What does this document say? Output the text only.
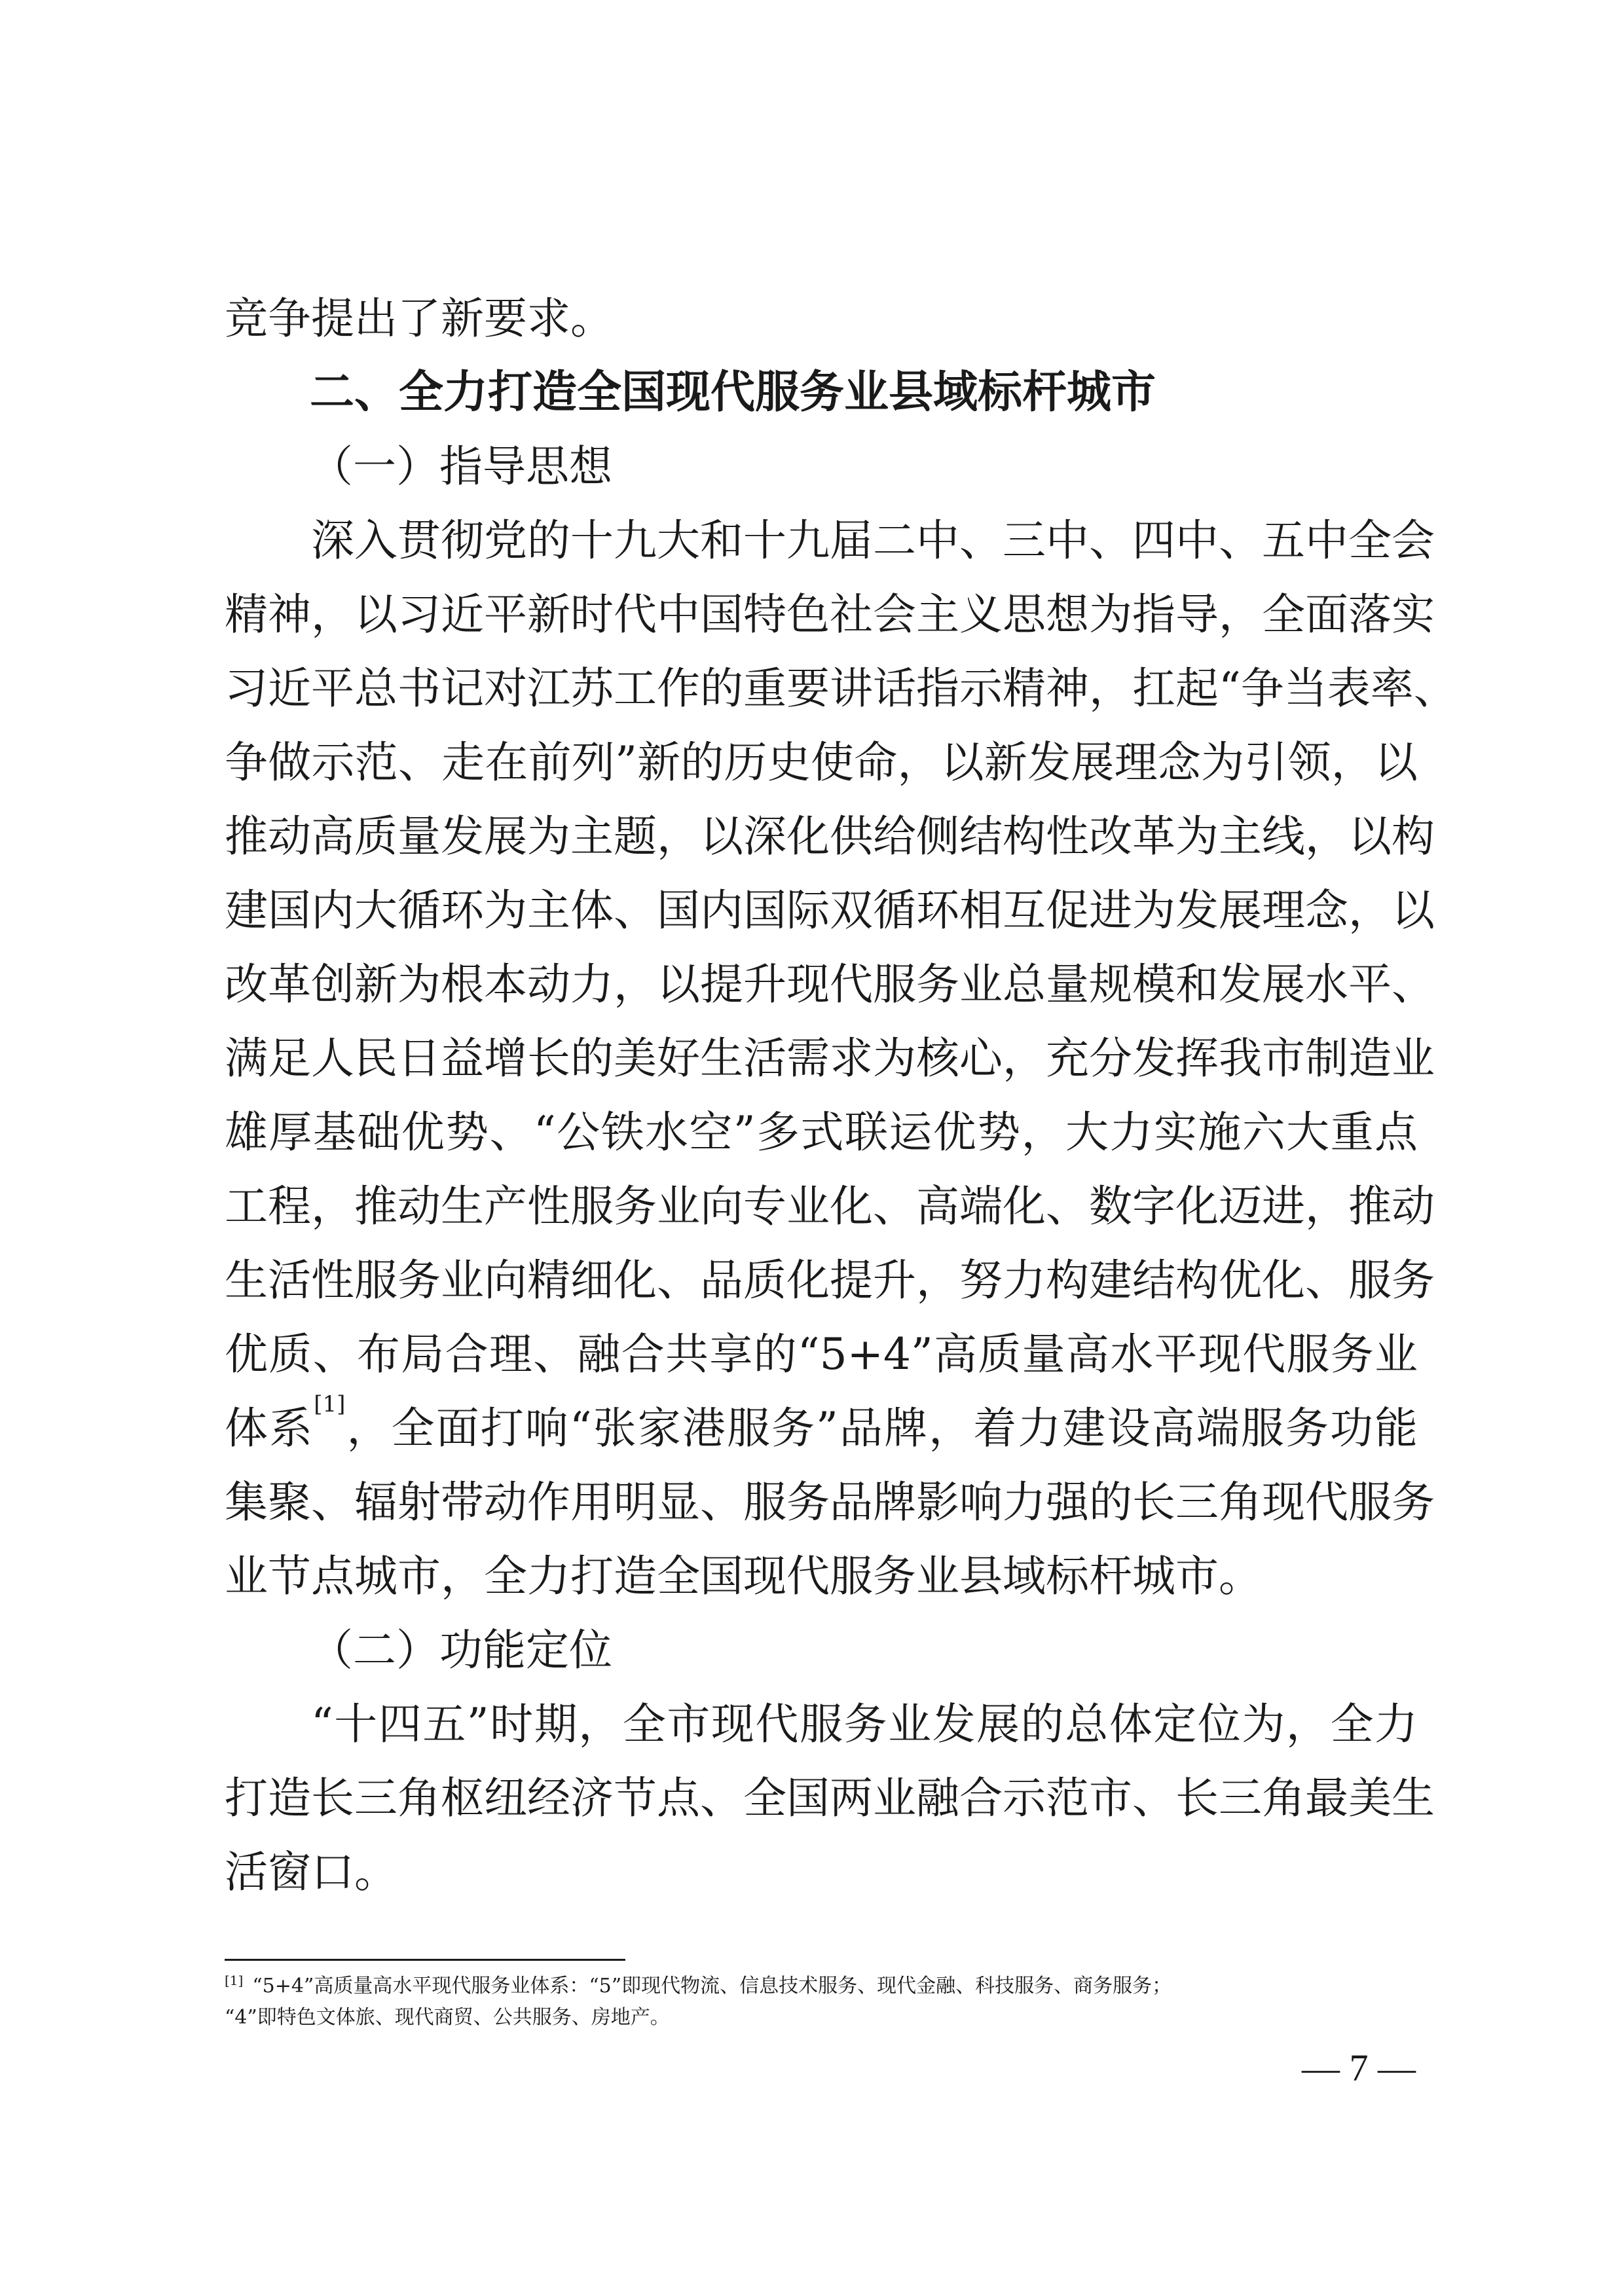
竞争提出了新要求。
二、全力打造全国现代服务业县域标杆城市
（一）指导思想
深入贯彻党的十九大和十九届二中、三中、四中、五中全会
精神，以习近平新时代中国特色社会主义思想为指导，全面落实
习近平总书记对江苏工作的重要讲话指示精神，扛起“争当表率、
争做示范、走在前列”新的历史使命，以新发展理念为引领，以
推动高质量发展为主题，以深化供给侧结构性改革为主线，以构
建国内大循环为主体、国内国际双循环相互促进为发展理念，以
改革创新为根本动力，以提升现代服务业总量规模和发展水平、
满足人民日益增长的美好生活需求为核心，充分发挥我市制造业
雄厚基础优势、“公铁水空”多式联运优势，大力实施六大重点
工程，推动生产性服务业向专业化、高端化、数字化迈进，推动
生活性服务业向精细化、品质化提升，努力构建结构优化、服务
优质、布局合理、融合共享的“5+4”高质量高水平现代服务业
体系[1]，全面打响“张家港服务”品牌，着力建设高端服务功能
集聚、辐射带动作用明显、服务品牌影响力强的长三角现代服务
业节点城市，全力打造全国现代服务业县域标杆城市。
（二）功能定位
“十四五”时期，全市现代服务业发展的总体定位为，全力
打造长三角枢纽经济节点、全国两业融合示范市、长三角最美生
活窗口。
[1] “5+4”高质量高水平现代服务业体系：“5”即现代物流、信息技术服务、现代金融、科技服务、商务服务；
“4”即特色文体旅、现代商贸、公共服务、房地产。
— 7 —
